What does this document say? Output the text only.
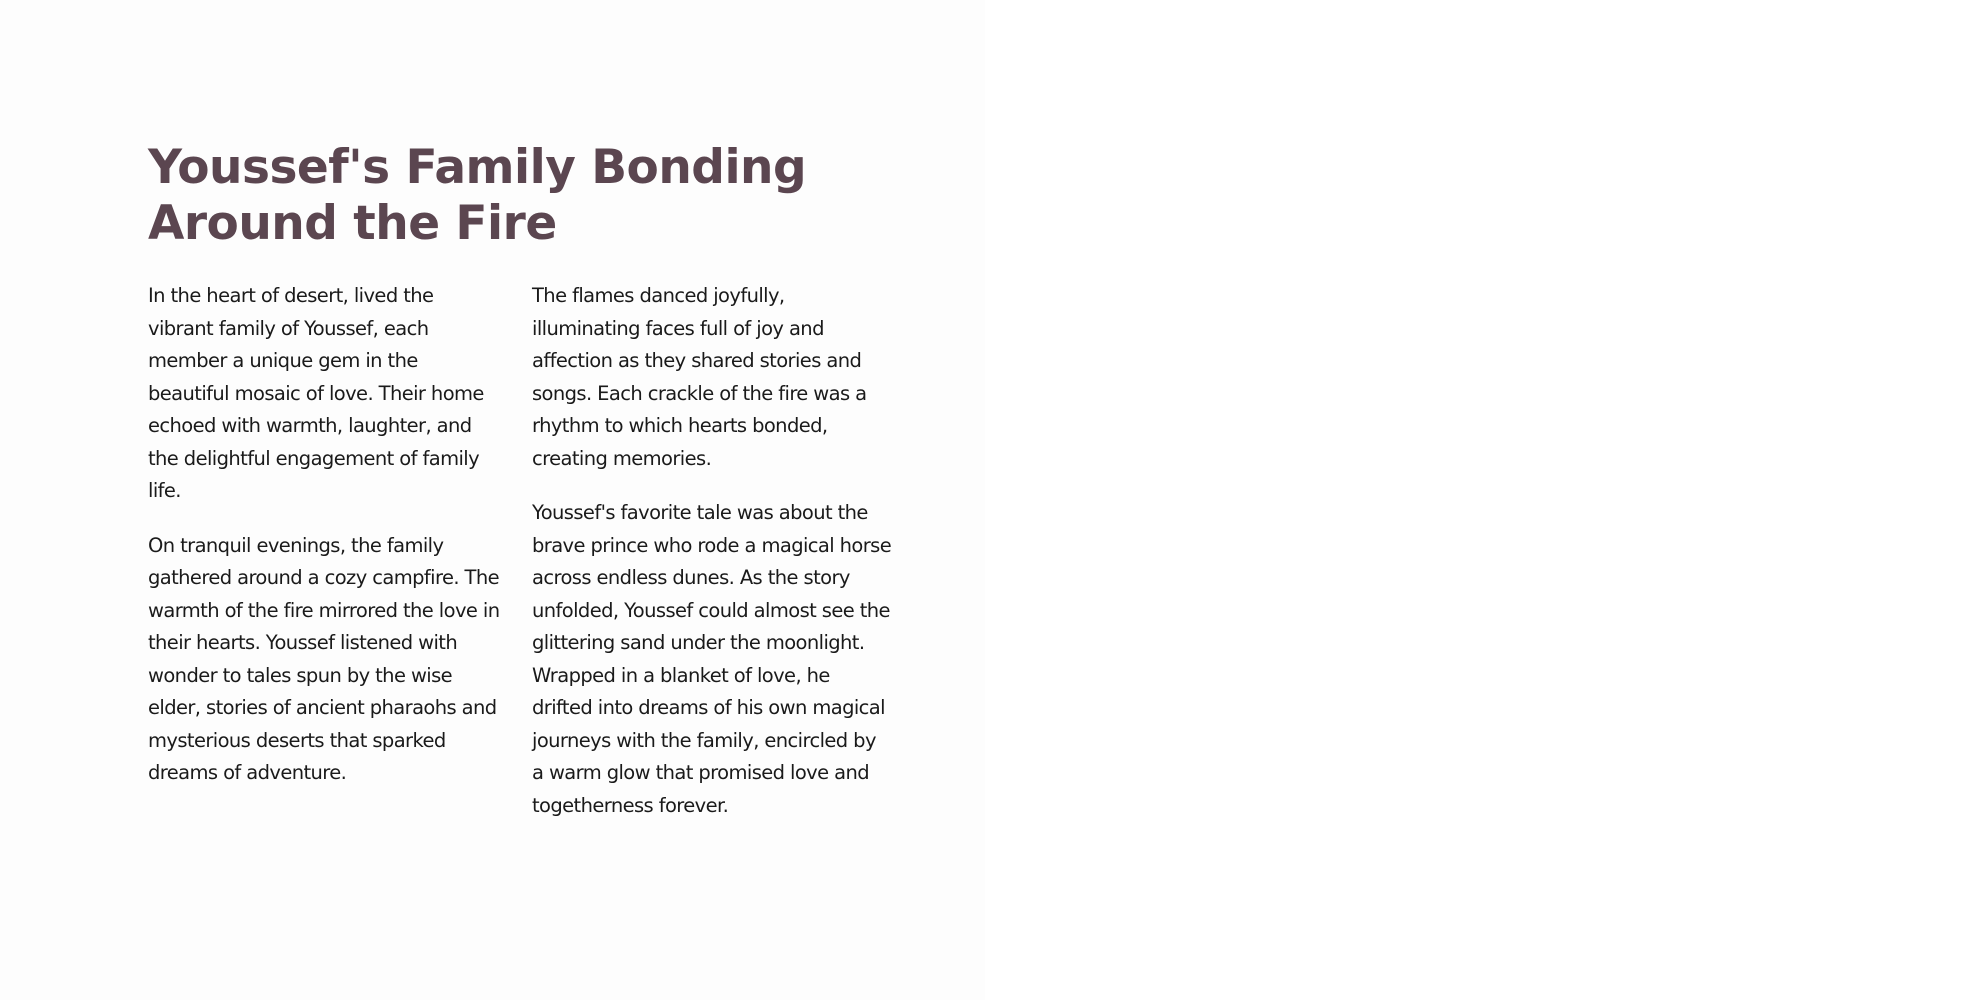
Youssef's Family Bonding Around the Fire

In the heart of desert, lived the vibrant family of Youssef, each member a unique gem in the beautiful mosaic of love. Their home echoed with warmth, laughter, and the delightful engagement of family life.

On tranquil evenings, the family gathered around a cozy campfire. The warmth of the fire mirrored the love in their hearts. Youssef listened with wonder to tales spun by the wise elder, stories of ancient pharaohs and mysterious deserts that sparked dreams of adventure.

The flames danced joyfully, illuminating faces full of joy and affection as they shared stories and songs. Each crackle of the fire was a rhythm to which hearts bonded, creating memories.

Youssef's favorite tale was about the brave prince who rode a magical horse across endless dunes. As the story unfolded, Youssef could almost see the glittering sand under the moonlight. Wrapped in a blanket of love, he drifted into dreams of his own magical journeys with the family, encircled by a warm glow that promised love and togetherness forever.
